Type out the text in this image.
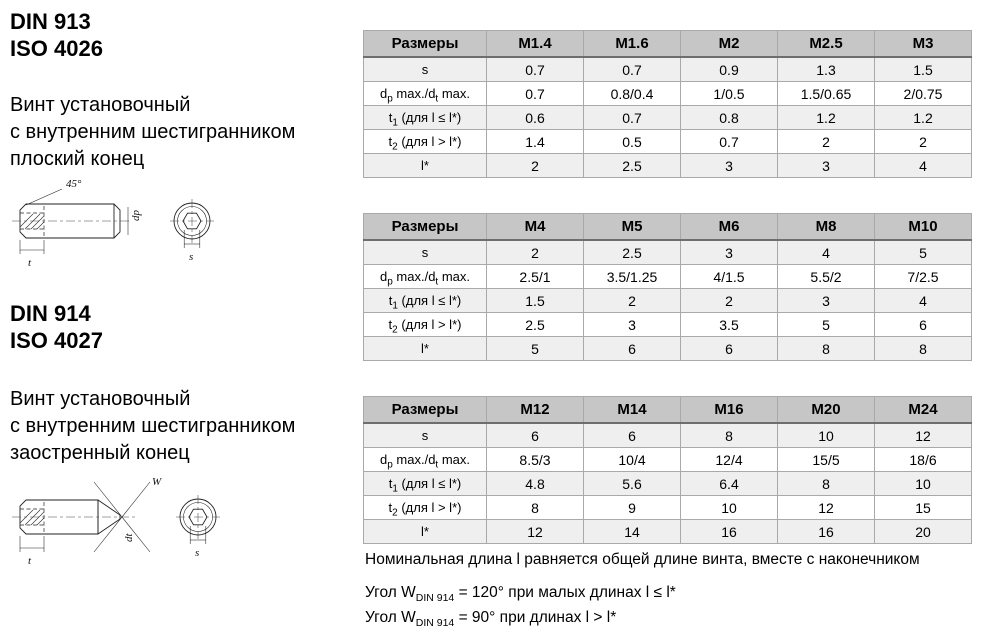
DIN 913
ISO 4026
Винт установочный
с внутренним шестигранником
плоский конец
45°
t
dp
s
DIN 914
ISO 4027
Винт установочный
с внутренним шестигранником
заостренный конец
W
t
dt
s
Размеры	M1.4	M1.6	M2	M2.5	M3
s	0.7	0.7	0.9	1.3	1.5
$d_p$ $\max./d_t$ max.	0.7	0.8/0.4	1/0.5	1.5/0.65	2/0.75
$t_1$ (для l ≤ l*)	0.6	0.7	0.8	1.2	1.2
$t_2$ (для l > l*)	1.4	0.5	0.7	2	2
l*	2	2.5	3	3	4
Размеры	M4	M5	M6	M8	M10
s	2	2.5	3	4	5
$d_p$ $\max./d_t$ max.	2.5/1	3.5/1.25	4/1.5	5.5/2	7/2.5
$t_1$ (для l ≤ l*)	1.5	2	2	3	4
$t_2$ (для l > l*)	2.5	3	3.5	5	6
l*	5	6	6	8	8
Размеры	M12	M14	M16	M20	M24
s	6	6	8	10	12
$d_p$ $\max./d_t$ max.	8.5/3	10/4	12/4	15/5	18/6
$t_1$ (для l ≤ l*)	4.8	5.6	6.4	8	10
$t_2$ (для l > l*)	8	9	10	12	15
l*	12	14	16	16	20
Номинальная длина l равняется общей длине винта, вместе с наконечником
Угол $W_{DIN 914} = 120^\circ$ при малых длинах l ≤ l*
Угол $W_{DIN 914} = 90^\circ$ при длинах l > l*
